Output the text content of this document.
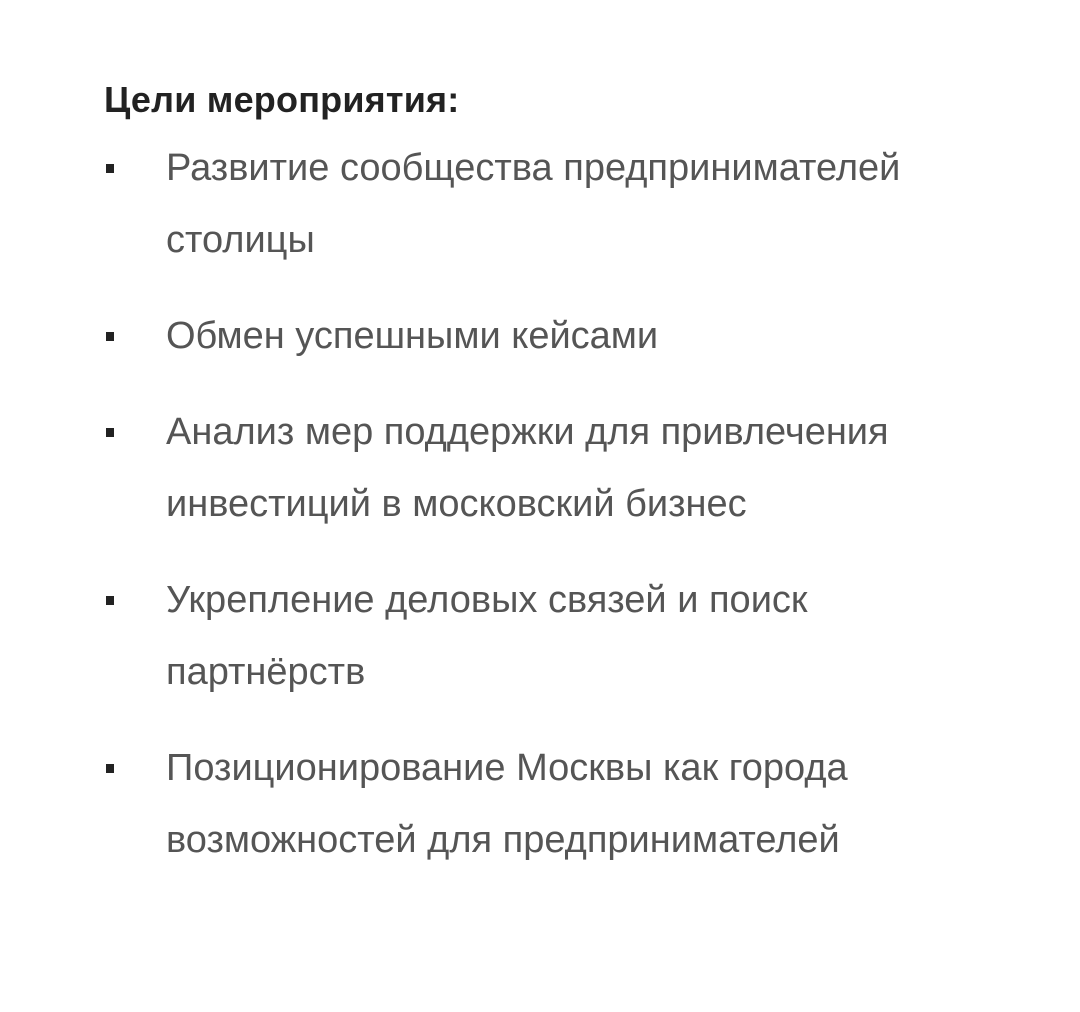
Цели мероприятия:
Развитие сообщества предпринимателей столицы
Обмен успешными кейсами
Анализ мер поддержки для привлечения инвестиций в московский бизнес
Укрепление деловых связей и поиск партнёрств
Позиционирование Москвы как города возможностей для предпринимателей
